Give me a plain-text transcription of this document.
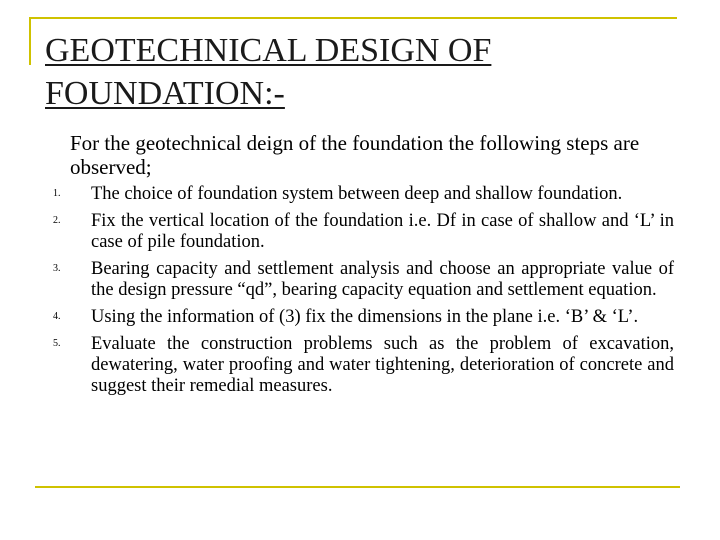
GEOTECHNICAL DESIGN OF
FOUNDATION:-

For the geotechnical deign of the foundation the following steps are observed;

1. The choice of foundation system between deep and shallow foundation.
2. Fix the vertical location of the foundation i.e. Df in case of shallow and ‘L’ in case of pile foundation.
3. Bearing capacity and settlement analysis and choose an appropriate value of the design pressure “qd”, bearing capacity equation and settlement equation.
4. Using the information of (3) fix the dimensions in the plane i.e. ‘B’ & ‘L’.
5. Evaluate the construction problems such as the problem of excavation, dewatering, water proofing and water tightening, deterioration of concrete and suggest their remedial measures.
